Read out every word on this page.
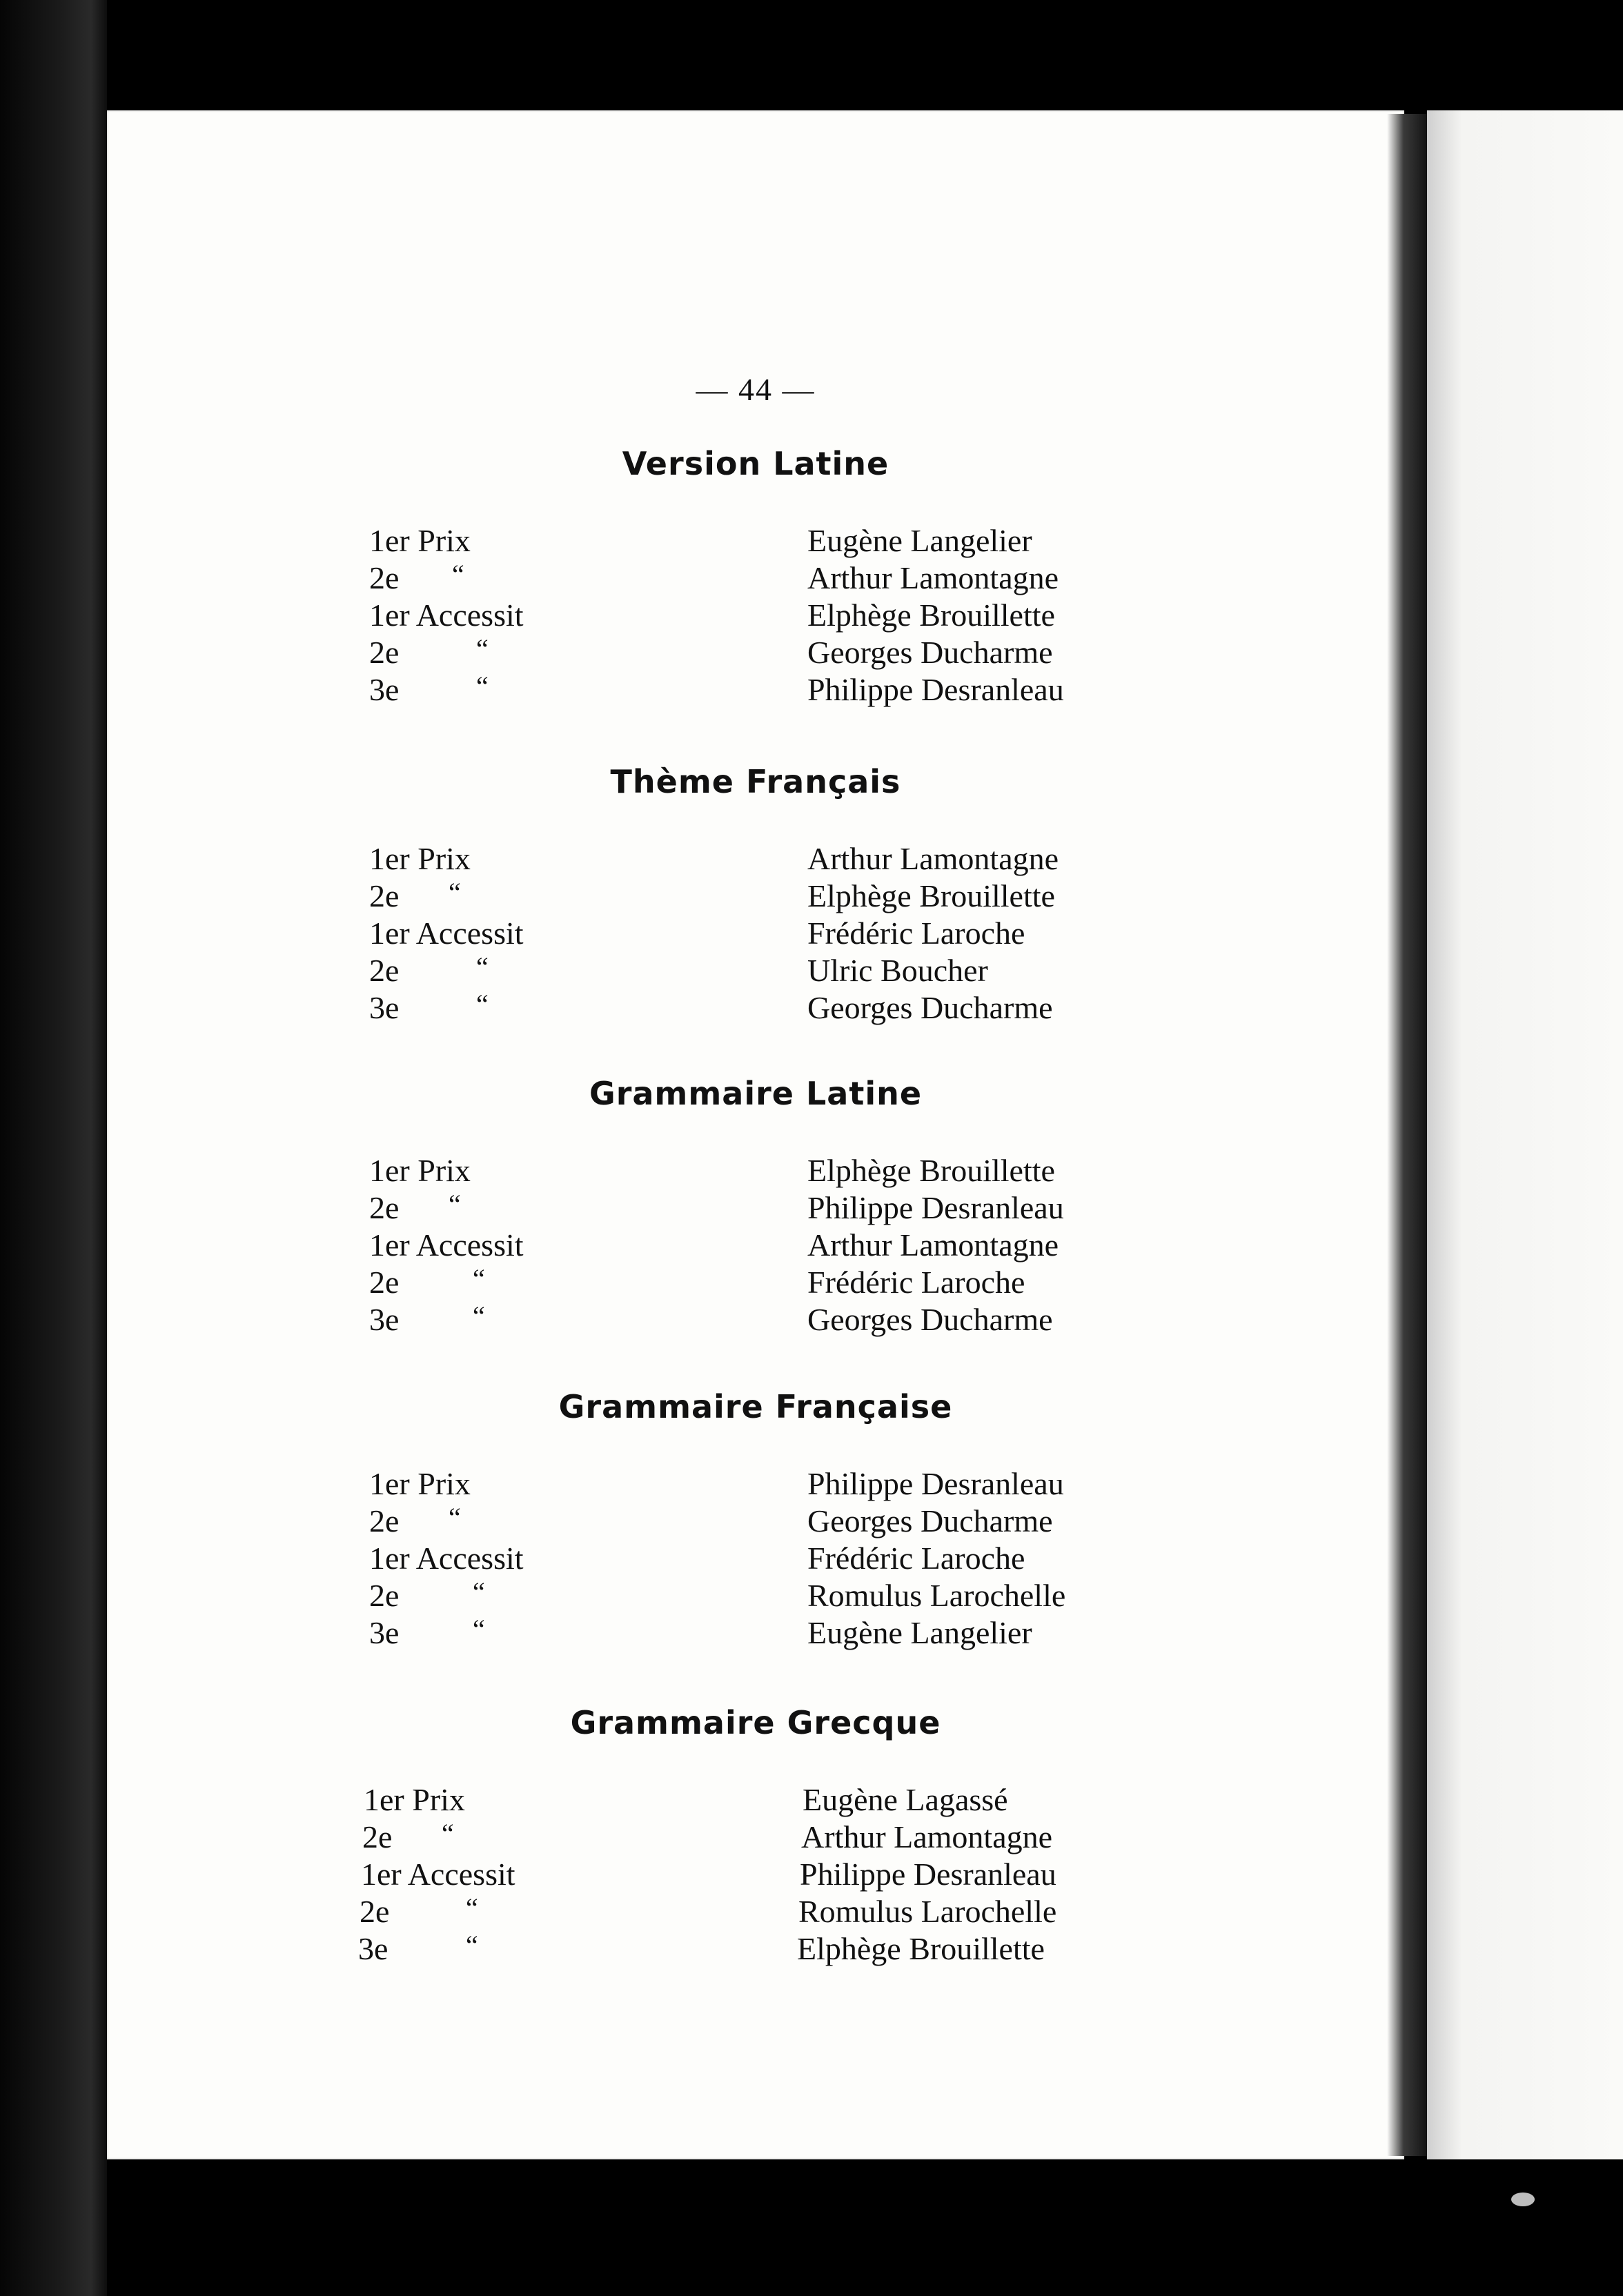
— 44 —
Version Latine
1er Prix	Eugène Langelier
2e “	Arthur Lamontagne
1er Accessit	Elphège Brouillette
2e	“	Georges Ducharme
3e	“	Philippe Desranleau
Thème Français
1er Prix	Arthur Lamontagne
2e “	Elphège Brouillette
1er Accessit	Frédéric Laroche
2e	“	Ulric Boucher
3e	“	Georges Ducharme
Grammaire Latine
1er Prix	Elphège Brouillette
2e “	Philippe Desranleau
1er Accessit	Arthur Lamontagne
2e	“	Frédéric Laroche
3e	“	Georges Ducharme
Grammaire Française
1er Prix	Philippe Desranleau
2e “	Georges Ducharme
1er Accessit	Frédéric Laroche
2e	“	Romulus Larochelle
3e	“	Eugène Langelier
Grammaire Grecque
1er Prix	Eugène Lagassé
2e “	Arthur Lamontagne
1er Accessit	Philippe Desranleau
2e	“	Romulus Larochelle
3e	“	Elphège Brouillette
